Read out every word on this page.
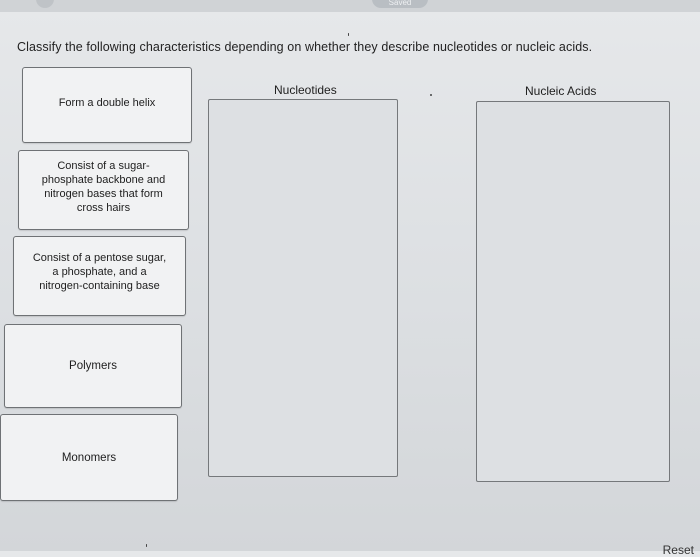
Saved
Classify the following characteristics depending on whether they describe nucleotides or nucleic acids.
Form a double helix
Consist of a sugar-
phosphate backbone and
nitrogen bases that form
cross hairs
Consist of a pentose sugar,
a phosphate, and a
nitrogen-containing base
Polymers
Monomers
Nucleotides	Nucleic Acids
Reset
